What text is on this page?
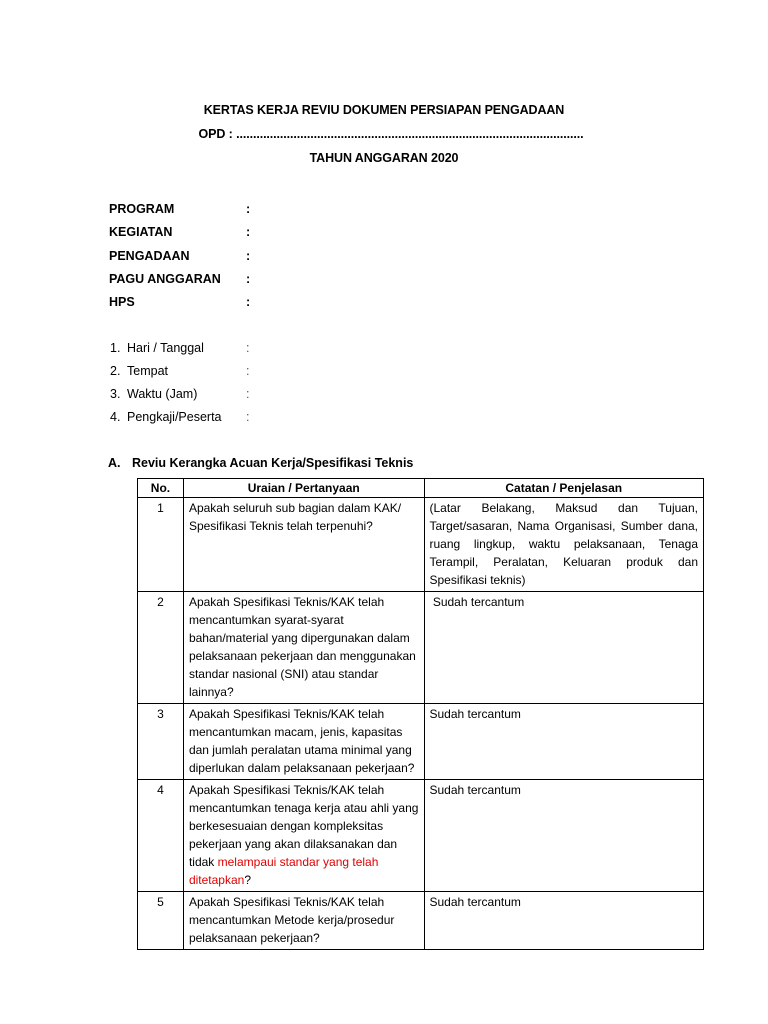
KERTAS KERJA REVIU DOKUMEN PERSIAPAN PENGADAAN
OPD : .......................................................................................................
TAHUN ANGGARAN 2020
PROGRAM	:
KEGIATAN	:
PENGADAAN	:
PAGU ANGGARAN :
HPS	:
1. Hari / Tanggal	:
2. Tempat	:
3. Waktu (Jam)	:
4. Pengkaji/Peserta :
A. Reviu Kerangka Acuan Kerja/Spesifikasi Teknis
No.	Uraian / Pertanyaan	Catatan / Penjelasan
1	Apakah seluruh sub bagian dalam KAK/ Spesifikasi Teknis telah terpenuhi?	(Latar Belakang, Maksud dan Tujuan, Target/sasaran, Nama Organisasi, Sumber dana, ruang lingkup, waktu pelaksanaan, Tenaga Terampil, Peralatan, Keluaran produk dan Spesifikasi teknis)
2	Apakah Spesifikasi Teknis/KAK telah mencantumkan syarat-syarat bahan/material yang dipergunakan dalam pelaksanaan pekerjaan dan menggunakan standar nasional (SNI) atau standar lainnya?	Sudah tercantum
3	Apakah Spesifikasi Teknis/KAK telah mencantumkan macam, jenis, kapasitas dan jumlah peralatan utama minimal yang diperlukan dalam pelaksanaan pekerjaan?	Sudah tercantum
4	Apakah Spesifikasi Teknis/KAK telah mencantumkan tenaga kerja atau ahli yang berkesesuaian dengan kompleksitas pekerjaan yang akan dilaksanakan dan tidak melampaui standar yang telah ditetapkan?	Sudah tercantum
5	Apakah Spesifikasi Teknis/KAK telah mencantumkan Metode kerja/prosedur pelaksanaan pekerjaan?	Sudah tercantum
